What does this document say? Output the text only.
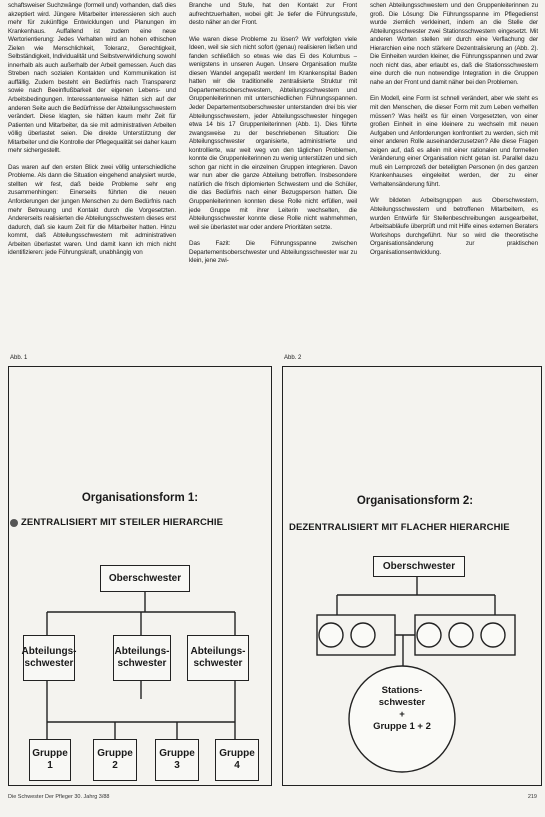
schaftsweiser Suchzwänge (formell und) vorhanden, daß dies akzeptiert wird. Jüngere Mitarbeiter interessieren sich auch mehr für zukünftige Entwicklungen und Planungen im Krankenhaus. Auffallend ist zudem eine neue Wertorientierung: Jedes Verhalten wird an hohen ethischen Zielen wie Menschlichkeit, Toleranz, Gerechtigkeit, Selbständigkeit, Individualität und Selbstverwirklichung sowohl innerhalb als auch außerhalb der Arbeit gemessen. Auch das Streben nach sozialen Kontakten und Kommunikation ist auffällig. Zudem besteht ein Bedürfnis nach Transparenz sowie nach Beeinflußbarkeit der eigenen Lebens- und Arbeitsbedingungen. Interessanterweise hätten sich auf der anderen Seite auch die Bedürfnisse der Abteilungsschwestern verändert. Diese klagten, sie hätten kaum mehr Zeit für Patienten und Mitarbeiter, da sie mit administrativen Arbeiten völlig überlastet seien. Die direkte Unterstützung der Mitarbeiter und die Kontrolle der Pflegequalität sei daher kaum mehr sichergestellt.

Das waren auf den ersten Blick zwei völlig unterschiedliche Probleme. Als dann die Situation eingehend analysiert wurde, stellten wir fest, daß beide Probleme sehr eng zusammenhingen: Einerseits führten die neuen Anforderungen der jungen Menschen zu dem Bedürfnis nach mehr Betreuung und Kontakt durch die Vorgesetzten. Andererseits realisierten die Abteilungsschwestern dieses erst dadurch, daß sie kaum Zeit für die Mitarbeiter hatten. Hinzu kommt, daß Abteilungsschwestern mit administrativen Arbeiten überlastet waren. Und damit kann ich mich nicht identifizieren: jede Führungskraft, unabhängig von

Branche und Stufe, hat den Kontakt zur Front aufrechtzuerhalten, wobei gilt: Je tiefer die Führungsstufe, desto näher an der Front.

Wie waren diese Probleme zu lösen? Wir verfolgten viele Ideen, weil sie sich nicht sofort (genau) realisieren ließen und fanden schließlich so etwas wie das Ei des Kolumbus – wenigstens in unseren Augen. Unsere Organisation mußte diesen Wandel angepaßt werden! Im Krankenspital Baden hatten wir die traditionelle zentralisierte Struktur mit Departementsoberschwestern, Abteilungsschwestern und Gruppenleiterinnen mit unterschiedlichen Führungsspannen. Jeder Departementsoberschwester unterstanden drei bis vier Abteilungsschwestern, jeder Abteilungsschwester hingegen etwa 14 bis 17 Gruppenleiterinnen (Abb. 1). Dies führte zwangsweise zu der beschriebenen Situation: Die Abteilungsschwester organisierte, administrierte und kontrollierte, war weit weg von den täglichen Problemen, konnte die Gruppenleiterinnen zu wenig unterstützen und sich schon gar nicht in die einzelnen Gruppen integrieren. Davon war nun aber die ganze Abteilung betroffen. Insbesondere natürlich die frisch diplomierten Schwestern und die Schüler, die das Bedürfnis nach einer Bezugsperson hatten. Die Gruppenleiterinnen konnten diese Rolle nicht erfüllen, weil jede Gruppe mit ihrer Leiterin wechselten, die Abteilungsschwester konnte diese Rolle nicht wahrnehmen, weil sie überlastet war oder andere Prioritäten setzte.

Das Fazit: Die Führungsspanne zwischen Departementsoberschwester und Abteilungsschwester war zu klein, jene zwi-

schen Abteilungsschwestern und den Gruppenleiterinnen zu groß. Die Lösung: Die Führungsspanne im Pflegedienst wurde ziemlich verkleinert, indem an die Stelle der Abteilungsschwester zwei Stationsschwestern eingesetzt. Mit anderen Worten stellen wir durch eine Verflachung der Hierarchien eine noch stärkere Dezentralisierung an (Abb. 2). Die Einheiten wurden kleiner, die Führungsspannen und zwar noch nicht das, aber erlaubt es, daß die Stationsschwestern eine durch die nun notwendige Integration in die Gruppen nahe an der Front und damit näher bei den Problemen.

Ein Modell, eine Form ist schnell verändert, aber wie steht es mit den Menschen, die dieser Form mit zum Leben verhelfen müssen? Was heißt es für einen Vorgesetzten, von einer großen Einheit in eine kleinere zu wechseln mit neuen Aufgaben und Anforderungen konfrontiert zu werden, sich mit einer anderen Rolle auseinanderzusetzen? Alle diese Fragen zeigen auf, daß es allein mit einer rationalen und formellen Veränderung einer Organisation nicht getan ist. Parallel dazu muß ein Lernprozeß der beteiligten Personen (in des ganzen Krankenhauses eingeleitet werden, der zu einer Verhaltensänderung führt.

Wir bildeten Arbeitsgruppen aus Oberschwestern, Abteilungsschwestern und betroffenen Mitarbeitern, es wurden Entwürfe für Stellenbeschreibungen ausgearbeitet, Arbeitsabläufe überprüft und mit Hilfe eines externen Beraters Workshops durchgeführt. Nur so wird die theoretische Organisationsänderung zur praktischen Organisationsentwicklung.

Abb. 1	Abb. 2
Organisationsform 1:
ZENTRALISIERT MIT STEILER HIERARCHIE
Oberschwester
Abteilungs-
schwester
Abteilungs-
schwester
Abteilungs-
schwester
Gruppe
1
Gruppe
2
Gruppe
3
Gruppe
4
Organisationsform 2:
DEZENTRALISIERT MIT FLACHER HIERARCHIE
Oberschwester
Stations-
schwester
+
Gruppe 1 + 2
Die Schwester Der Pfleger 30. Jahrg 3/88	219
